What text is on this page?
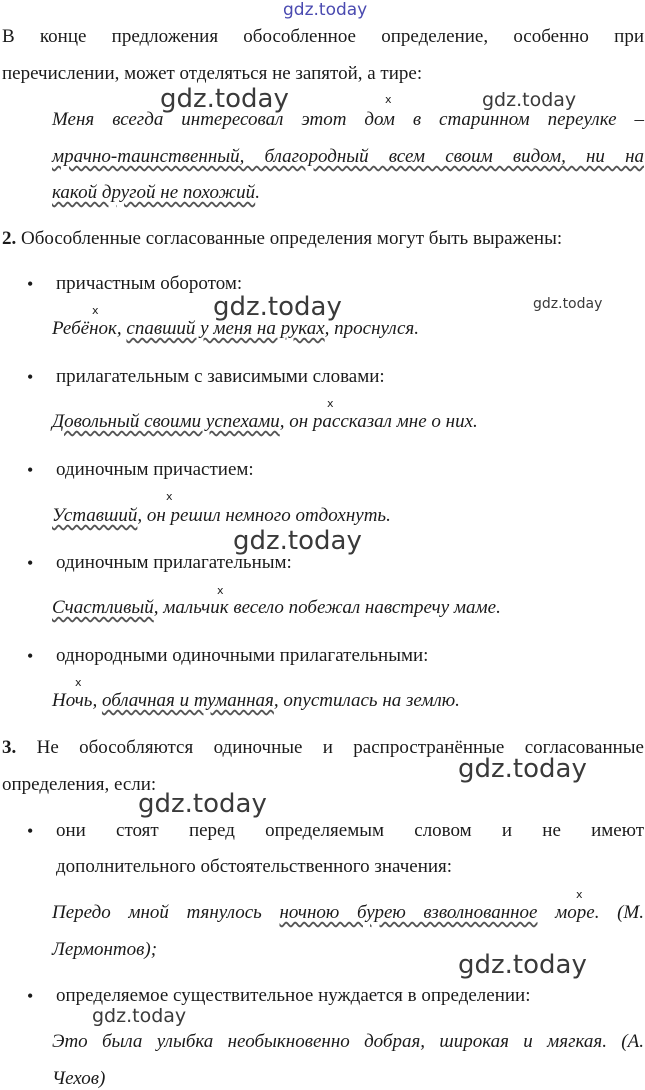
gdz.today
gdz.today	gdz.today
gdz.today	gdz.today
gdz.today
gdz.today
gdz.today
gdz.today
gdz.today
x
x
x
x
x
x
x
В конце предложения обособленное определение, особенно при
перечислении, может отделяться не запятой, а тире:
Меня всегда интересовал этот дом в старинном переулке –
мрачно-таинственный, благородный всем своим видом, ни на
какой другой не похожий.
2. Обособленные согласованные определения могут быть выражены:
•	причастным оборотом:
Ребёнок, спавший у меня на руках, проснулся.
•	прилагательным с зависимыми словами:
Довольный своими успехами, он рассказал мне о них.
•	одиночным причастием:
Уставший, он решил немного отдохнуть.
•	одиночным прилагательным:
Счастливый, мальчик весело побежал навстречу маме.
•	однородными одиночными прилагательными:
Ночь, облачная и туманная, опустилась на землю.
3. Не обособляются одиночные и распространённые согласованные
определения, если:
•	они стоят перед определяемым словом и не имеют
дополнительного обстоятельственного значения:
Передо мной тянулось ночною бурею взволнованное море. (М.
Лермонтов);
•	определяемое существительное нуждается в определении:
Это была улыбка необыкновенно добрая, широкая и мягкая. (А.
Чехов)
